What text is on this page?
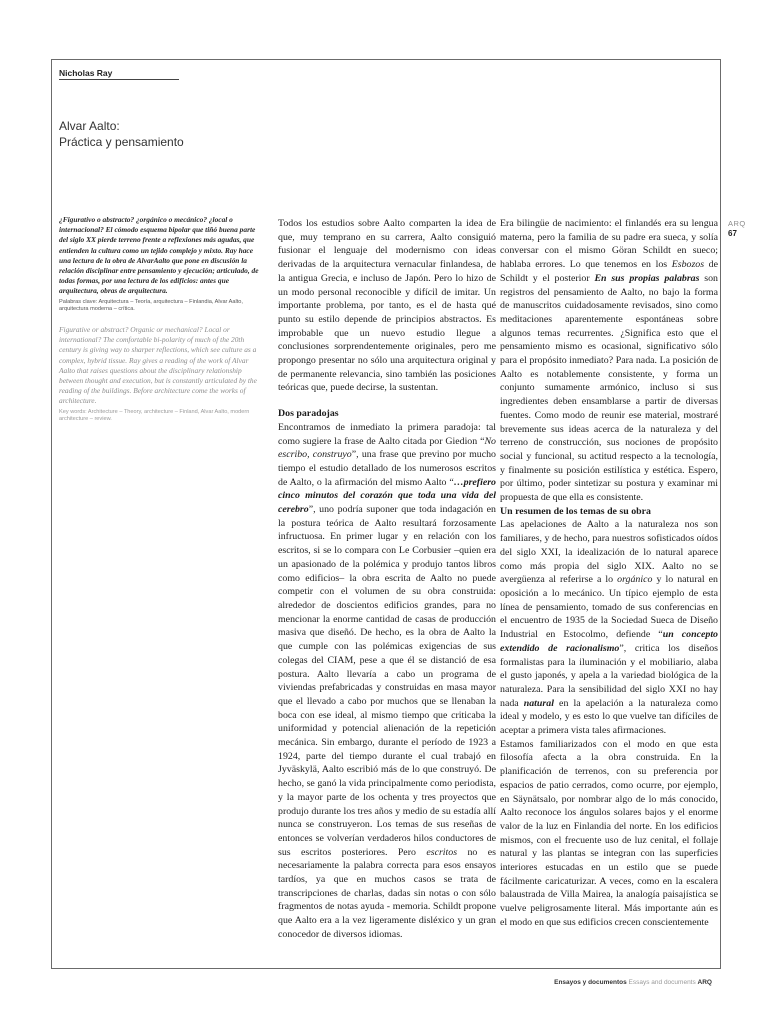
Nicholas Ray
Alvar Aalto:
Práctica y pensamiento

¿Figurativo o abstracto? ¿orgánico o mecánico? ¿local o internacional? El cómodo esquema bipolar que tiñó buena parte del siglo XX pierde terreno frente a reflexiones más agudas, que entienden la cultura como un tejido complejo y mixto. Ray hace una lectura de la obra de AlvarAalto que pone en discusión la relación disciplinar entre pensamiento y ejecución; articulado, de todas formas, por una lectura de los edificios: antes que arquitectura, obras de arquitectura.

Palabras clave: Arquitectura – Teoría, arquitectura – Finlandia, Alvar Aalto, arquitectura moderna – crítica.

Figurative or abstract? Organic or mechanical? Local or international? The comfortable bi-polarity of much of the 20th century is giving way to sharper reflections, which see culture as a complex, hybrid tissue. Ray gives a reading of the work of Alvar Aalto that raises questions about the disciplinary relationship between thought and execution, but is constantly articulated by the reading of the buildings. Before architecture come the works of architecture.

Key words: Architecture – Theory, architecture – Finland, Alvar Aalto, modern architecture – review.

Todos los estudios sobre Aalto comparten la idea de que, muy temprano en su carrera, Aalto consiguió fusionar el lenguaje del modernismo con ideas derivadas de la arquitectura vernacular finlandesa, de la antigua Grecia, e incluso de Japón. Pero lo hizo de un modo personal reconocible y difícil de imitar. Un importante problema, por tanto, es el de hasta qué punto su estilo depende de principios abstractos. Es improbable que un nuevo estudio llegue a conclusiones sorprendentemente originales, pero me propongo presentar no sólo una arquitectura original y de permanente relevancia, sino también las posiciones teóricas que, puede decirse, la sustentan.

Dos paradojas

Encontramos de inmediato la primera paradoja: tal como sugiere la frase de Aalto citada por Giedion “No escribo, construyo”, una frase que previno por mucho tiempo el estudio detallado de los numerosos escritos de Aalto, o la afirmación del mismo Aalto “…prefiero cinco minutos del corazón que toda una vida del cerebro”, uno podría suponer que toda indagación en la postura teórica de Aalto resultará forzosamente infructuosa. En primer lugar y en relación con los escritos, si se lo compara con Le Corbusier –quien era un apasionado de la polémica y produjo tantos libros como edificios– la obra escrita de Aalto no puede competir con el volumen de su obra construida: alrededor de doscientos edificios grandes, para no mencionar la enorme cantidad de casas de producción masiva que diseñó. De hecho, es la obra de Aalto la que cumple con las polémicas exigencias de sus colegas del CIAM, pese a que él se distanció de esa postura. Aalto llevaría a cabo un programa de viviendas prefabricadas y construidas en masa mayor que el llevado a cabo por muchos que se llenaban la boca con ese ideal, al mismo tiempo que criticaba la uniformidad y potencial alienación de la repetición mecánica. Sin embargo, durante el período de 1923 a 1924, parte del tiempo durante el cual trabajó en Jyväskylä, Aalto escribió más de lo que construyó. De hecho, se ganó la vida principalmente como periodista, y la mayor parte de los ochenta y tres proyectos que produjo durante los tres años y medio de su estadía allí nunca se construyeron. Los temas de sus reseñas de entonces se volverían verdaderos hilos conductores de sus escritos posteriores. Pero escritos no es necesariamente la palabra correcta para esos ensayos tardíos, ya que en muchos casos se trata de transcripciones de charlas, dadas sin notas o con sólo fragmentos de notas ayuda - memoria. Schildt propone que Aalto era a la vez ligeramente disléxico y un gran conocedor de diversos idiomas.

Era bilingüe de nacimiento: el finlandés era su lengua materna, pero la familia de su padre era sueca, y solía conversar con el mismo Göran Schildt en sueco; hablaba errores. Lo que tenemos en los Esbozos de Schildt y el posterior En sus propias palabras son registros del pensamiento de Aalto, no bajo la forma de manuscritos cuidadosamente revisados, sino como meditaciones aparentemente espontáneas sobre algunos temas recurrentes. ¿Significa esto que el pensamiento mismo es ocasional, significativo sólo para el propósito inmediato? Para nada. La posición de Aalto es notablemente consistente, y forma un conjunto sumamente armónico, incluso si sus ingredientes deben ensamblarse a partir de diversas fuentes. Como modo de reunir ese material, mostraré brevemente sus ideas acerca de la naturaleza y del terreno de construcción, sus nociones de propósito social y funcional, su actitud respecto a la tecnología, y finalmente su posición estilística y estética. Espero, por último, poder sintetizar su postura y examinar mi propuesta de que ella es consistente.

Un resumen de los temas de su obra

Las apelaciones de Aalto a la naturaleza nos son familiares, y de hecho, para nuestros sofisticados oídos del siglo XXI, la idealización de lo natural aparece como más propia del siglo XIX. Aalto no se avergüenza al referirse a lo orgánico y lo natural en oposición a lo mecánico. Un típico ejemplo de esta línea de pensamiento, tomado de sus conferencias en el encuentro de 1935 de la Sociedad Sueca de Diseño Industrial en Estocolmo, defiende “un concepto extendido de racionalismo”, critica los diseños formalistas para la iluminación y el mobiliario, alaba el gusto japonés, y apela a la variedad biológica de la naturaleza. Para la sensibilidad del siglo XXI no hay nada natural en la apelación a la naturaleza como ideal y modelo, y es esto lo que vuelve tan difíciles de aceptar a primera vista tales afirmaciones.

Estamos familiarizados con el modo en que esta filosofía afecta a la obra construida. En la planificación de terrenos, con su preferencia por espacios de patio cerrados, como ocurre, por ejemplo, en Säynätsalo, por nombrar algo de lo más conocido, Aalto reconoce los ángulos solares bajos y el enorme valor de la luz en Finlandia del norte. En los edificios mismos, con el frecuente uso de luz cenital, el follaje natural y las plantas se integran con las superficies interiores estucadas en un estilo que se puede fácilmente caricaturizar. A veces, como en la escalera balaustrada de Villa Mairea, la analogía paisajística se vuelve peligrosamente literal. Más importante aún es el modo en que sus edificios crecen conscientemente

ARQ
67
Ensayos y documentos Essays and documents ARQ
